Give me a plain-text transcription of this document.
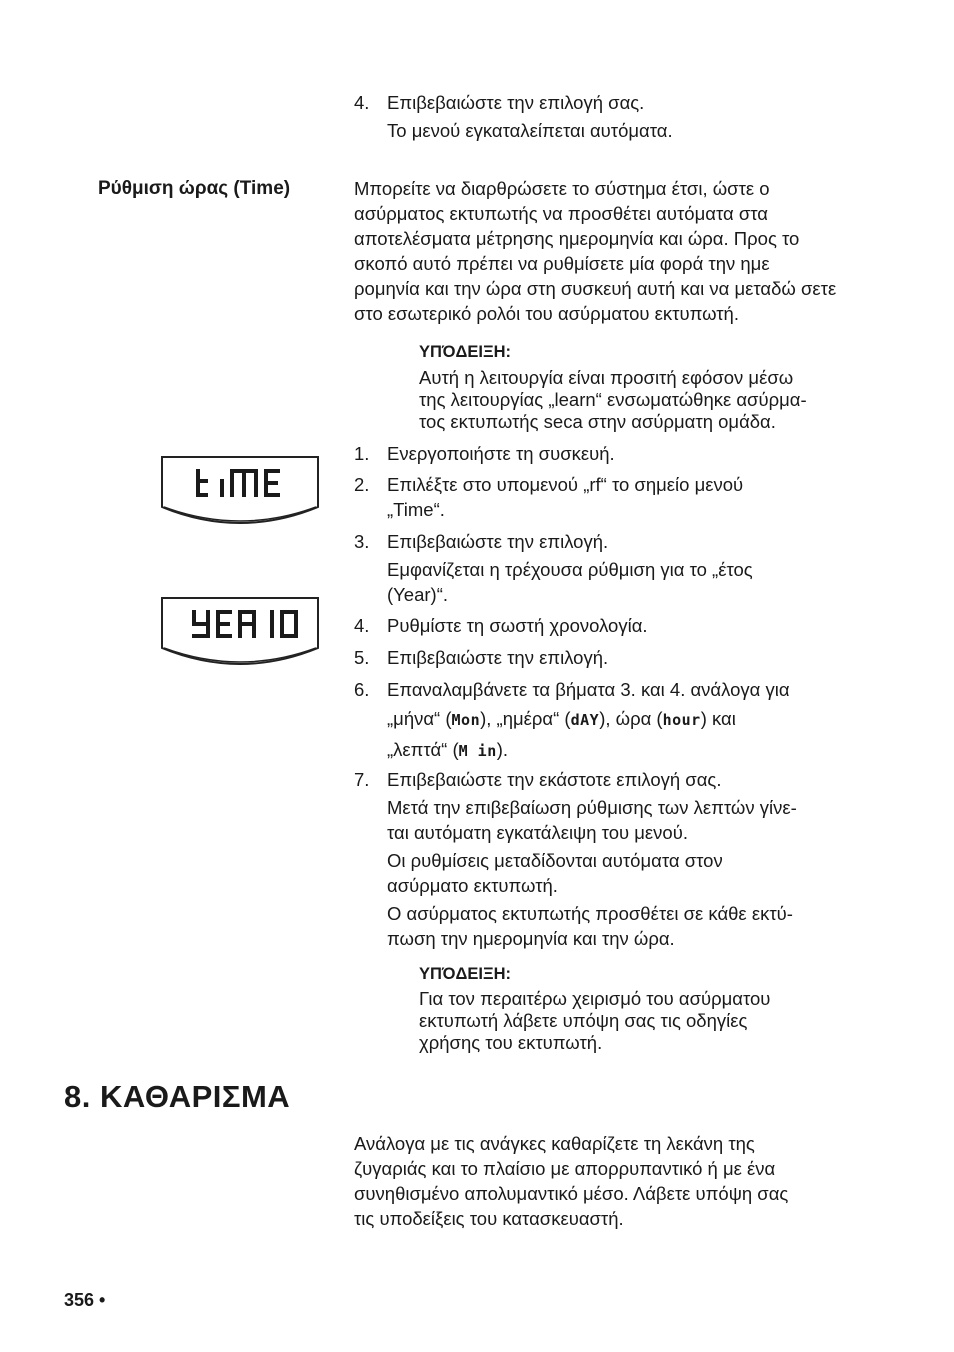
4. Επιβεβαιώστε την επιλογή σας.
Το μενού εγκαταλείπεται αυτόματα.
Ρύθμιση ώρας (Time)	Μπορείτε να διαρθρώσετε το σύστημα έτσι, ώστε ο ασύρματος εκτυπωτής να προσθέτει αυτόματα στα αποτελέσματα μέτρησης ημερομηνία και ώρα. Προς το σκοπό αυτό πρέπει να ρυθμίσετε μία φορά την ημε ρομηνία και την ώρα στη συσκευή αυτή και να μεταδώ σετε στο εσωτερικό ρολόι του ασύρματου εκτυπωτή.
ΥΠΌΔΕΙΞΗ:

Αυτή η λειτουργία είναι προσιτή εφόσον μέσω

της λειτουργίας „learn“ ενσωματώθηκε ασύρμα-

τος εκτυπωτής seca στην ασύρματη ομάδα.

1. Ενεργοποιήστε τη συσκευή.
2. Επιλέξτε στο υπομενού „rf“ το σημείο μενού

„Time“.

3. Επιβεβαιώστε την επιλογή.

Εμφανίζεται η τρέχουσα ρύθμιση για το „έτος

(Year)“.

4. Ρυθμίστε τη σωστή χρονολογία.
5. Επιβεβαιώστε την επιλογή.
6. Επαναλαμβάνετε τα βήματα 3. και 4. ανάλογα για

„μήνα“ (Mon), „ημέρα“ (dAY), ώρα (hour) και

„λεπτά“ (M in).

7. Επιβεβαιώστε την εκάστοτε επιλογή σας.

Μετά την επιβεβαίωση ρύθμισης των λεπτών γίνε-

ται αυτόματη εγκατάλειψη του μενού.

Οι ρυθμίσεις μεταδίδονται αυτόματα στον

ασύρματο εκτυπωτή.

Ο ασύρματος εκτυπωτής προσθέτει σε κάθε εκτύ-

πωση την ημερομηνία και την ώρα.

ΥΠΌΔΕΙΞΗ:

Για τον περαιτέρω χειρισμό του ασύρματου

εκτυπωτή λάβετε υπόψη σας τις οδηγίες

χρήσης του εκτυπωτή.

8. ΚΑΘΑΡΙΣΜΑ

Ανάλογα με τις ανάγκες καθαρίζετε τη λεκάνη της

ζυγαριάς και το πλαίσιο με απορρυπαντικό ή με ένα

συνηθισμένο απολυμαντικό μέσο. Λάβετε υπόψη σας

τις υποδείξεις του κατασκευαστή.

356 •
